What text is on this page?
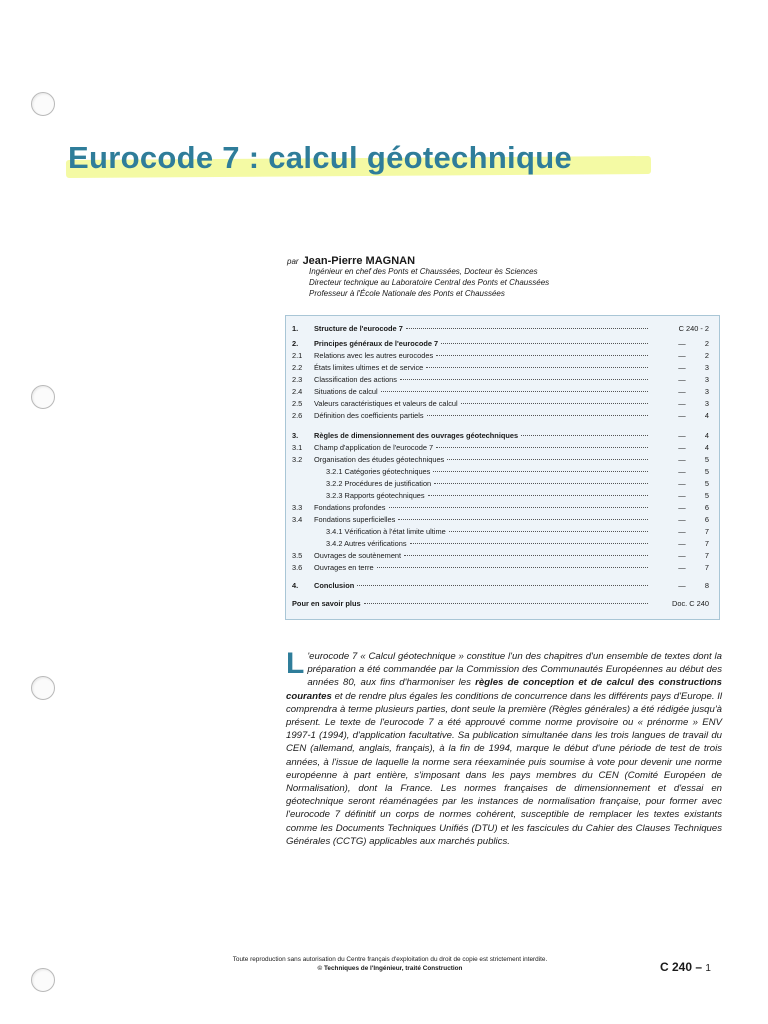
Eurocode 7 : calcul géotechnique
par Jean-Pierre MAGNAN
Ingénieur en chef des Ponts et Chaussées, Docteur ès Sciences
Directeur technique au Laboratoire Central des Ponts et Chaussées
Professeur à l'École Nationale des Ponts et Chaussées
1.	Structure de l'eurocode 7	C 240 - 2
2.	Principes généraux de l'eurocode 7	—	2
2.1	Relations avec les autres eurocodes	—	2
2.2	États limites ultimes et de service	—	3
2.3	Classification des actions	—	3
2.4	Situations de calcul	—	3
2.5	Valeurs caractéristiques et valeurs de calcul	—	3
2.6	Définition des coefficients partiels	—	4
3.	Règles de dimensionnement des ouvrages géotechniques	—	4
3.1	Champ d'application de l'eurocode 7	—	4
3.2	Organisation des études géotechniques	—	5
3.2.1 Catégories géotechniques	—	5
3.2.2 Procédures de justification	—	5
3.2.3 Rapports géotechniques	—	5
3.3	Fondations profondes	—	6
3.4	Fondations superficielles	—	6
3.4.1 Vérification à l'état limite ultime	—	7
3.4.2 Autres vérifications	—	7
3.5	Ouvrages de soutènement	—	7
3.6	Ouvrages en terre	—	7
4.	Conclusion	—	8
Pour en savoir plus	Doc. C 240
L 'eurocode 7 « Calcul géotechnique » constitue l'un des chapitres d'un ensemble de textes dont la préparation a été commandée par la Commission des Communautés Européennes au début des années 80, aux fins d'harmoniser les règles de conception et de calcul des constructions courantes et de rendre plus égales les conditions de concurrence dans les différents pays d'Europe. Il comprendra à terme plusieurs parties, dont seule la première (Règles générales) a été rédigée jusqu'à présent. Le texte de l'eurocode 7 a été approuvé comme norme provisoire ou « prénorme » ENV 1997-1 (1994), d'application facultative. Sa publication simultanée dans les trois langues de travail du CEN (allemand, anglais, français), à la fin de 1994, marque le début d'une période de test de trois années, à l'issue de laquelle la norme sera réexaminée puis soumise à vote pour devenir une norme européenne à part entière, s'imposant dans les pays membres du CEN (Comité Européen de Normalisation), dont la France. Les normes françaises de dimensionnement et d'essai en géotechnique seront réaménagées par les instances de normalisation française, pour former avec l'eurocode 7 définitif un corps de normes cohérent, susceptible de remplacer les textes existants comme les Documents Techniques Unifiés (DTU) et les fascicules du Cahier des Clauses Techniques Générales (CCTG) applicables aux marchés publics.
Toute reproduction sans autorisation du Centre français d'exploitation du droit de copie est strictement interdite.
© Techniques de l'Ingénieur, traité Construction	C 240 – 1
